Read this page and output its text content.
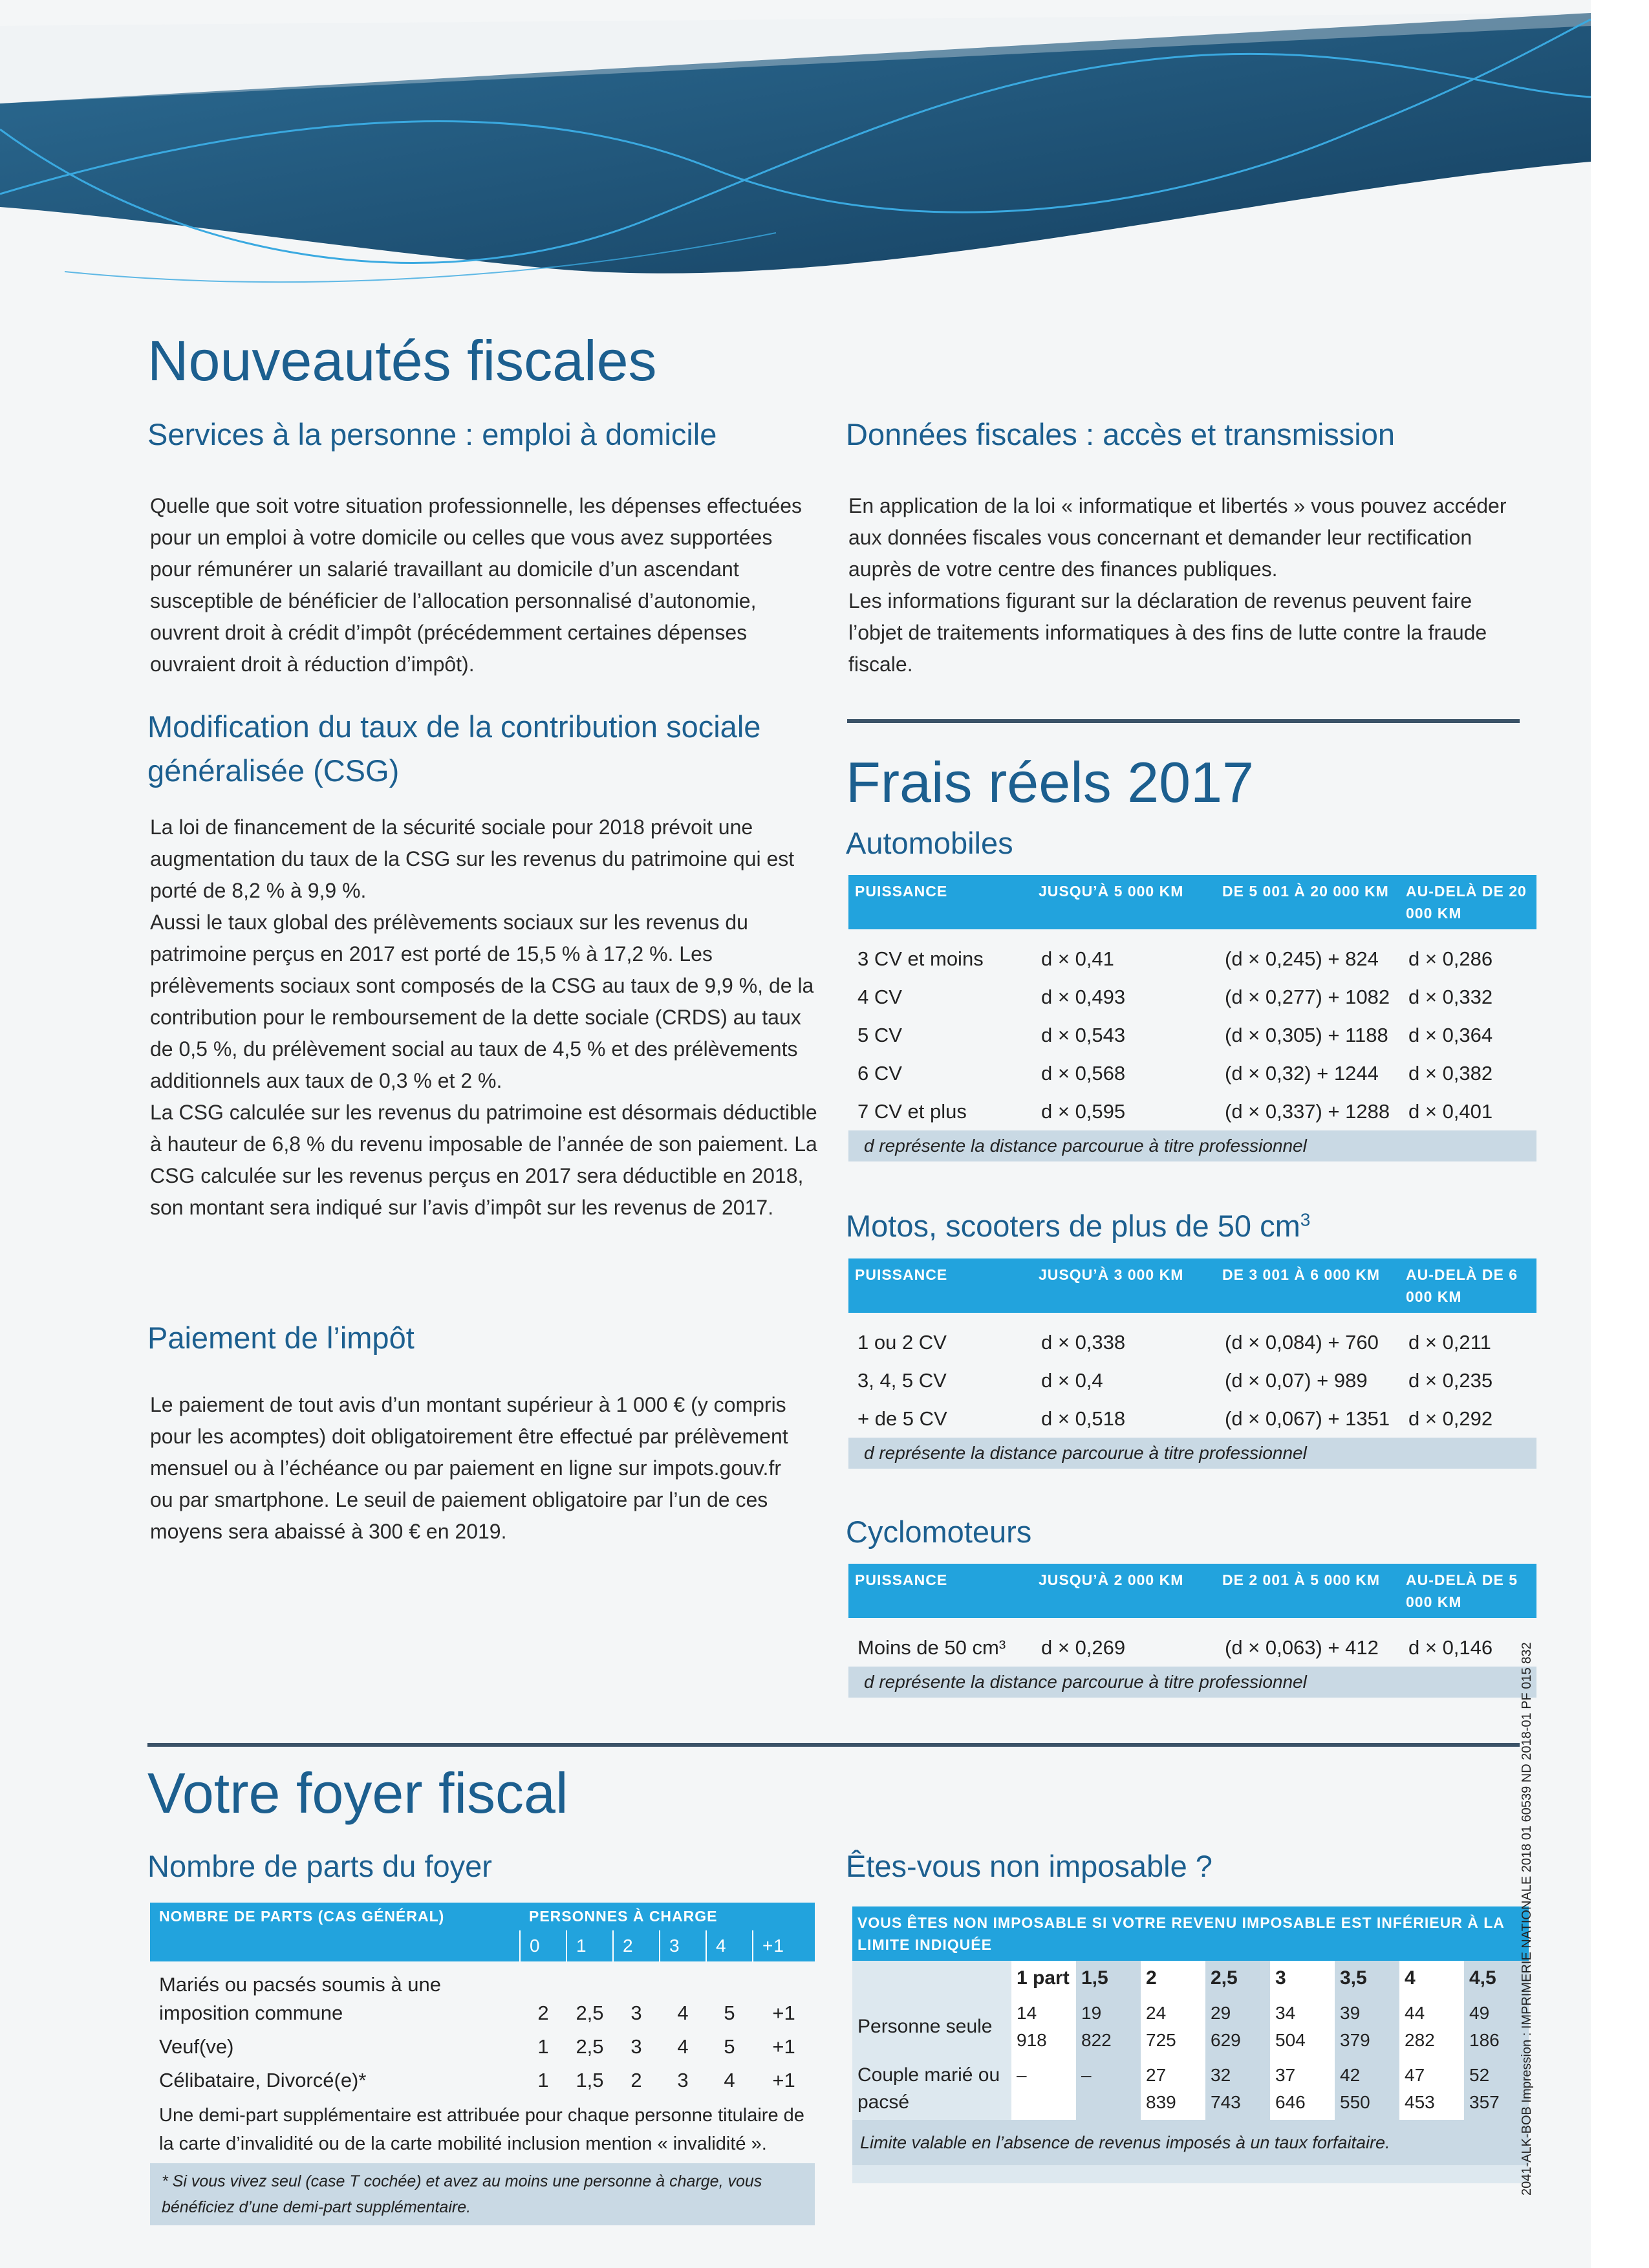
Nouveautés fiscales
Services à la personne : emploi à domicile
Quelle que soit votre situation professionnelle, les dépenses effectuées pour un emploi à votre domicile ou celles que vous avez supportées pour rémunérer un salarié travaillant au domicile d’un ascendant susceptible de bénéficier de l’allocation personnalisé d’autonomie, ouvrent droit à crédit d’impôt (précédemment certaines dépenses ouvraient droit à réduction d’impôt).
Modification du taux de la contribution sociale généralisée (CSG)

La loi de financement de la sécurité sociale pour 2018 prévoit une augmentation du taux de la CSG sur les revenus du patrimoine qui est porté de 8,2 % à 9,9 %.

Aussi le taux global des prélèvements sociaux sur les revenus du patrimoine perçus en 2017 est porté de 15,5 % à 17,2 %. Les prélèvements sociaux sont composés de la CSG au taux de 9,9 %, de la contribution pour le remboursement de la dette sociale (CRDS) au taux de 0,5 %, du prélèvement social au taux de 4,5 % et des prélèvements additionnels aux taux de 0,3 % et 2 %.

La CSG calculée sur les revenus du patrimoine est désormais déductible à hauteur de 6,8 % du revenu imposable de l’année de son paiement. La CSG calculée sur les revenus perçus en 2017 sera déductible en 2018, son montant sera indiqué sur l’avis d’impôt sur les revenus de 2017.

Paiement de l’impôt
Le paiement de tout avis d’un montant supérieur à 1 000 € (y compris pour les acomptes) doit obligatoirement être effectué par prélèvement mensuel ou à l’échéance ou par paiement en ligne sur impots.gouv.fr ou par smartphone. Le seuil de paiement obligatoire par l’un de ces moyens sera abaissé à 300 € en 2019.
Données fiscales : accès et transmission

En application de la loi « informatique et libertés » vous pouvez accéder aux données fiscales vous concernant et demander leur rectification auprès de votre centre des finances publiques.

Les informations figurant sur la déclaration de revenus peuvent faire l’objet de traitements informatiques à des fins de lutte contre la fraude fiscale.

Frais réels 2017
Automobiles
PUISSANCE	JUSQU’À 5 000 KM	DE 5 001 À 20 000 KM	AU-DELÀ DE 20 000 KM
3 CV et moins	d × 0,41	(d × 0,245) + 824	d × 0,286
4 CV	d × 0,493	(d × 0,277) + 1082	d × 0,332
5 CV	d × 0,543	(d × 0,305) + 1188	d × 0,364
6 CV	d × 0,568	(d × 0,32) + 1244	d × 0,382
7 CV et plus	d × 0,595	(d × 0,337) + 1288	d × 0,401
d représente la distance parcourue à titre professionnel			
Motos, scooters de plus de 50 $cm^3$
PUISSANCE	JUSQU’À 3 000 KM	DE 3 001 À 6 000 KM	AU-DELÀ DE 6 000 KM
1 ou 2 CV	d × 0,338	(d × 0,084) + 760	d × 0,211
3, 4, 5 CV	d × 0,4	(d × 0,07) + 989	d × 0,235
+ de 5 CV	d × 0,518	(d × 0,067) + 1351	d × 0,292
d représente la distance parcourue à titre professionnel			
Cyclomoteurs
PUISSANCE	JUSQU’À 2 000 KM	DE 2 001 À 5 000 KM	AU-DELÀ DE 5 000 KM
Moins de 50 cm³	d × 0,269	(d × 0,063) + 412	d × 0,146
d représente la distance parcourue à titre professionnel			
Votre foyer fiscal
Nombre de parts du foyer
NOMBRE DE PARTS (CAS GÉNÉRAL)	PERSONNES À CHARGE					
	0	1	2	3	4	+1
Mariés ou pacsés soumis à une imposition commune	2	2,5	3	4	5	+1
Veuf(ve)	1	2,5	3	4	5	+1
Célibataire, Divorcé(e)*	1	1,5	2	3	4	+1
Une demi-part supplémentaire est attribuée pour chaque personne titulaire de la carte d’invalidité ou de la carte mobilité inclusion mention « invalidité ».						
* Si vous vivez seul (case T cochée) et avez au moins une personne à charge, vous bénéficiez d’une demi-part supplémentaire.						
Êtes-vous non imposable ?
VOUS ÊTES NON IMPOSABLE SI VOTRE REVENU IMPOSABLE EST INFÉRIEUR À LA LIMITE INDIQUÉE
	1 part	1,5	2	2,5	3	3,5	4	4,5
Personne seule	14 918	19 822	24 725	29 629	34 504	39 379	44 282	49 186
Couple marié ou pacsé	–	–	27 839	32 743	37 646	42 550	47 453	52 357
Limite valable en l’absence de revenus imposés à un taux forfaitaire.									2041-ALK-BOB Impression : IMPRIMERIE NATIONALE 2018 01 60539 ND 2018-01 PF 015 832
